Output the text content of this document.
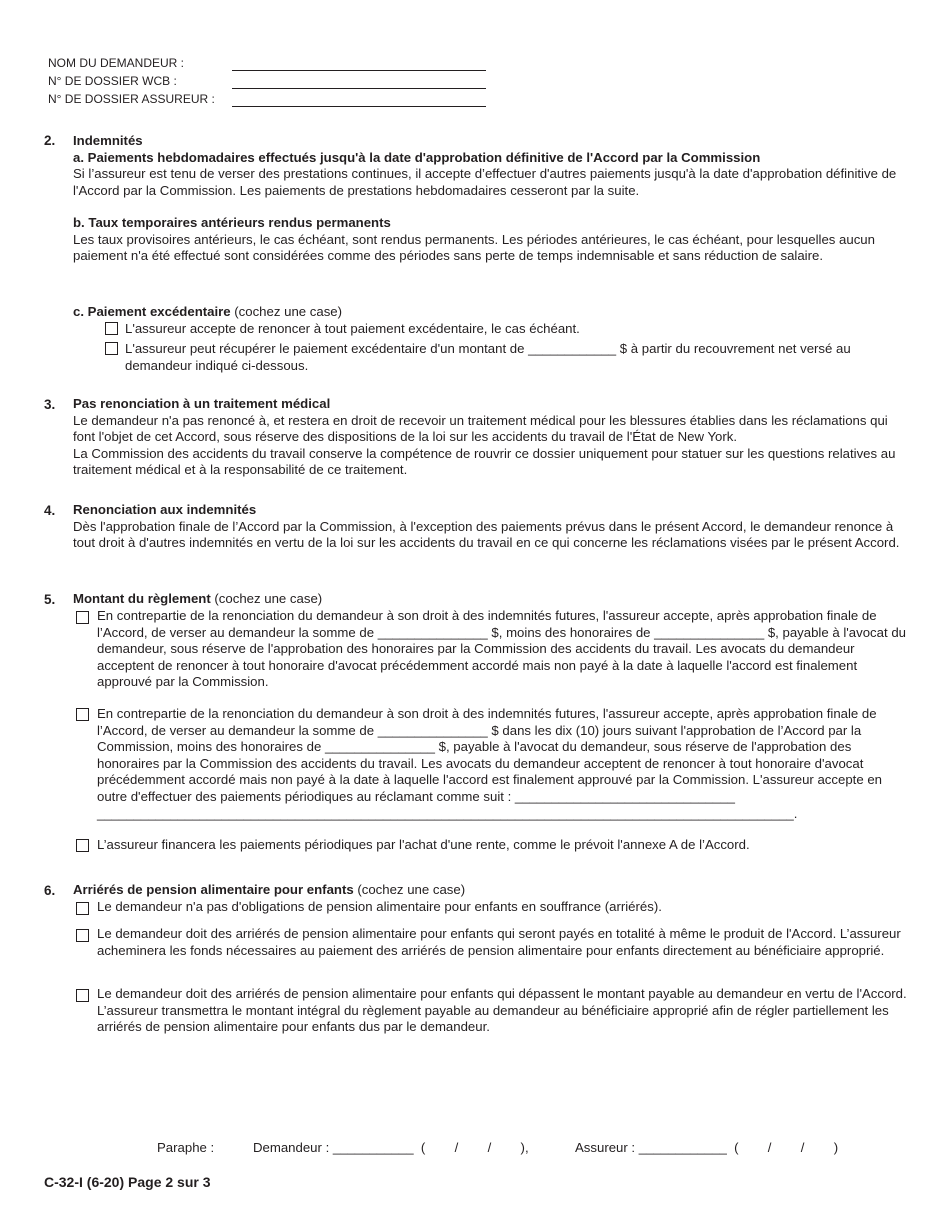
NOM DU DEMANDEUR :
N° DE DOSSIER WCB :
N° DE DOSSIER ASSUREUR :
2. Indemnités
a. Paiements hebdomadaires effectués jusqu'à la date d'approbation définitive de l'Accord par la Commission
Si l’assureur est tenu de verser des prestations continues, il accepte d’effectuer d'autres paiements jusqu'à la date d'approbation définitive de l'Accord par la Commission. Les paiements de prestations hebdomadaires cesseront par la suite.
b. Taux temporaires antérieurs rendus permanents
Les taux provisoires antérieurs, le cas échéant, sont rendus permanents. Les périodes antérieures, le cas échéant, pour lesquelles aucun paiement n'a été effectué sont considérées comme des périodes sans perte de temps indemnisable et sans réduction de salaire.
c. Paiement excédentaire (cochez une case)
L'assureur accepte de renoncer à tout paiement excédentaire, le cas échéant.
L'assureur peut récupérer le paiement excédentaire d'un montant de ____________ $ à partir du recouvrement net versé au demandeur indiqué ci-dessous.
3. Pas renonciation à un traitement médical
Le demandeur n'a pas renoncé à, et restera en droit de recevoir un traitement médical pour les blessures établies dans les réclamations qui font l'objet de cet Accord, sous réserve des dispositions de la loi sur les accidents du travail de l'État de New York.
La Commission des accidents du travail conserve la compétence de rouvrir ce dossier uniquement pour statuer sur les questions relatives au traitement médical et à la responsabilité de ce traitement.
4. Renonciation aux indemnités
Dès l'approbation finale de l’Accord par la Commission, à l'exception des paiements prévus dans le présent Accord, le demandeur renonce à tout droit à d'autres indemnités en vertu de la loi sur les accidents du travail en ce qui concerne les réclamations visées par le présent Accord.
5. Montant du règlement (cochez une case)
En contrepartie de la renonciation du demandeur à son droit à des indemnités futures, l'assureur accepte, après approbation finale de l’Accord, de verser au demandeur la somme de _______________ $, moins des honoraires de _______________ $, payable à l'avocat du demandeur, sous réserve de l'approbation des honoraires par la Commission des accidents du travail. Les avocats du demandeur acceptent de renoncer à tout honoraire d'avocat précédemment accordé mais non payé à la date à laquelle l'accord est finalement approuvé par la Commission.
En contrepartie de la renonciation du demandeur à son droit à des indemnités futures, l'assureur accepte, après approbation finale de l’Accord, de verser au demandeur la somme de _______________ $ dans les dix (10) jours suivant l'approbation de l’Accord par la Commission, moins des honoraires de _______________ $, payable à l'avocat du demandeur, sous réserve de l'approbation des honoraires par la Commission des accidents du travail. Les avocats du demandeur acceptent de renoncer à tout honoraire d'avocat précédemment accordé mais non payé à la date à laquelle l'accord est finalement approuvé par la Commission. L'assureur accepte en outre d'effectuer des paiements périodiques au réclamant comme suit : ______________________________ _______________________________________________________________________________________________.
L’assureur financera les paiements périodiques par l'achat d'une rente, comme le prévoit l'annexe A de l’Accord.
6. Arriérés de pension alimentaire pour enfants (cochez une case)
Le demandeur n'a pas d'obligations de pension alimentaire pour enfants en souffrance (arriérés).
Le demandeur doit des arriérés de pension alimentaire pour enfants qui seront payés en totalité à même le produit de l'Accord. L’assureur acheminera les fonds nécessaires au paiement des arriérés de pension alimentaire pour enfants directement au bénéficiaire approprié.
Le demandeur doit des arriérés de pension alimentaire pour enfants qui dépassent le montant payable au demandeur en vertu de l'Accord. L’assureur transmettra le montant intégral du règlement payable au demandeur au bénéficiaire approprié afin de régler partiellement les arriérés de pension alimentaire pour enfants dus par le demandeur.
Paraphe :	Demandeur : ___________  (        /        /        ),	Assureur : ____________  (        /        /        )
C-32-I (6-20) Page 2 sur 3
